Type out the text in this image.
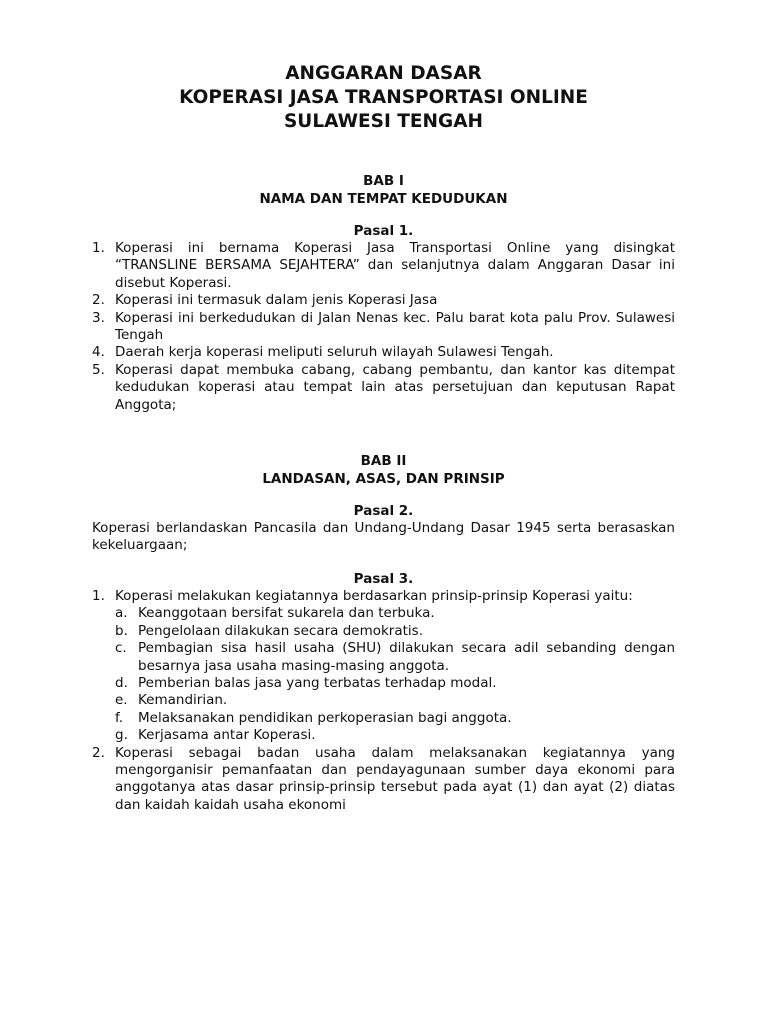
ANGGARAN DASAR

KOPERASI JASA TRANSPORTASI ONLINE

SULAWESI TENGAH

BAB I

NAMA DAN TEMPAT KEDUDUKAN

Pasal 1.

1. Koperasi ini bernama Koperasi Jasa Transportasi Online yang disingkat “TRANSLINE BERSAMA SEJAHTERA” dan selanjutnya dalam Anggaran Dasar ini disebut Koperasi.
2. Koperasi ini termasuk dalam jenis Koperasi Jasa
3. Koperasi ini berkedudukan di Jalan Nenas kec. Palu barat kota palu Prov. Sulawesi Tengah
4. Daerah kerja koperasi meliputi seluruh wilayah Sulawesi Tengah.
5. Koperasi dapat membuka cabang, cabang pembantu, dan kantor kas ditempat kedudukan koperasi atau tempat lain atas persetujuan dan keputusan Rapat Anggota;

BAB II

LANDASAN, ASAS, DAN PRINSIP

Pasal 2.

Koperasi berlandaskan Pancasila dan Undang-Undang Dasar 1945 serta berasaskan kekeluargaan;

Pasal 3.

1. Koperasi melakukan kegiatannya berdasarkan prinsip-prinsip Koperasi yaitu:
a. Keanggotaan bersifat sukarela dan terbuka.
b. Pengelolaan dilakukan secara demokratis.
c. Pembagian sisa hasil usaha (SHU) dilakukan secara adil sebanding dengan besarnya jasa usaha masing-masing anggota.
d. Pemberian balas jasa yang terbatas terhadap modal.
e. Kemandirian.
f. Melaksanakan pendidikan perkoperasian bagi anggota.
g. Kerjasama antar Koperasi.
2. Koperasi sebagai badan usaha dalam melaksanakan kegiatannya yang mengorganisir pemanfaatan dan pendayagunaan sumber daya ekonomi para anggotanya atas dasar prinsip-prinsip tersebut pada ayat (1) dan ayat (2) diatas dan kaidah kaidah usaha ekonomi
